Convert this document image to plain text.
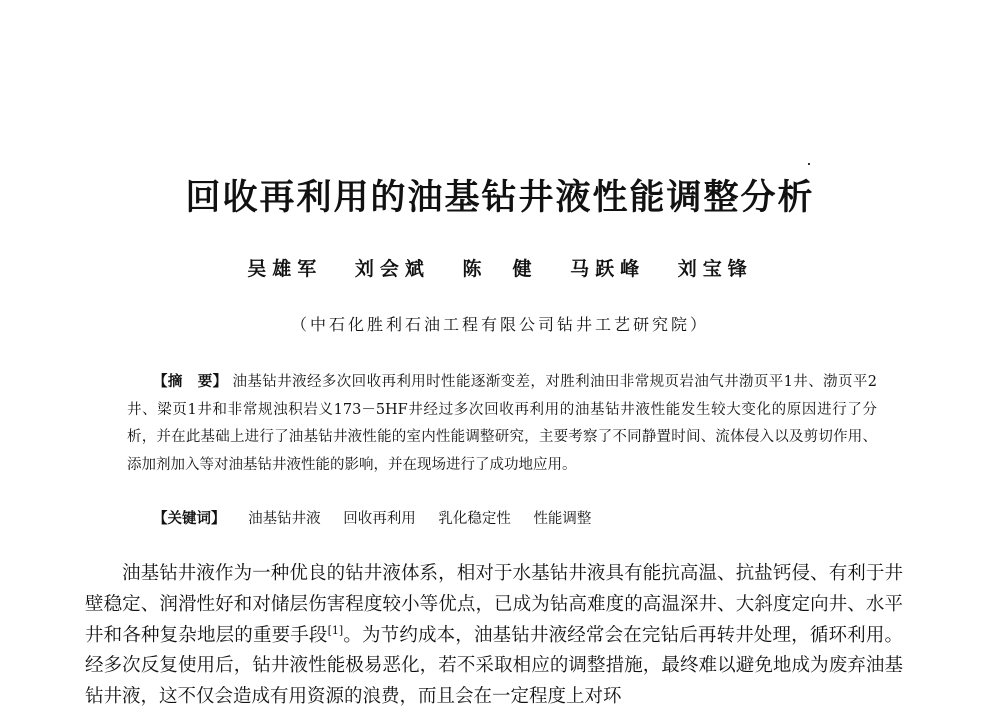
回收再利用的油基钻井液性能调整分析
吴雄军 刘会斌 陈　健 马跃峰 刘宝锋
（中石化胜利石油工程有限公司钻井工艺研究院）

【摘　要】 油基钻井液经多次回收再利用时性能逐渐变差，对胜利油田非常规页岩油气井渤页平1井、渤页平2井、梁页1井和非常规浊积岩义173－5HF井经过多次回收再利用的油基钻井液性能发生较大变化的原因进行了分析，并在此基础上进行了油基钻井液性能的室内性能调整研究，主要考察了不同静置时间、流体侵入以及剪切作用、添加剂加入等对油基钻井液性能的影响，并在现场进行了成功地应用。

【关键词】 油基钻井液 回收再利用 乳化稳定性 性能调整

油基钻井液作为一种优良的钻井液体系，相对于水基钻井液具有能抗高温、抗盐钙侵、有利于井壁稳定、润滑性好和对储层伤害程度较小等优点，已成为钻高难度的高温深井、大斜度定向井、水平井和各种复杂地层的重要手段[1]。为节约成本，油基钻井液经常会在完钻后再转井处理，循环利用。经多次反复使用后，钻井液性能极易恶化，若不采取相应的调整措施，最终难以避免地成为废弃油基钻井液，这不仅会造成有用资源的浪费，而且会在一定程度上对环
